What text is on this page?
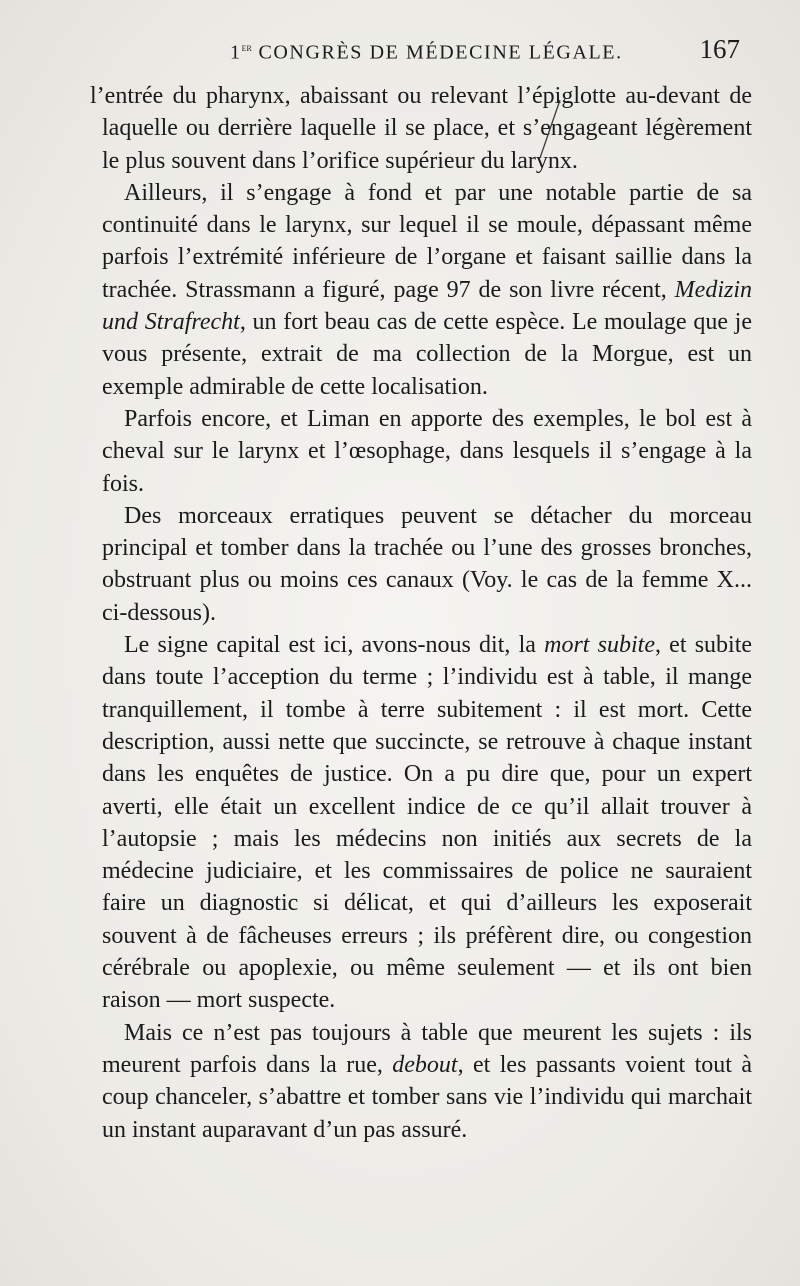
1er CONGRÈS DE MÉDECINE LÉGALE.	167

l’entrée du pharynx, abaissant ou relevant l’épiglotte au-devant de laquelle ou derrière laquelle il se place, et s’engageant légèrement le plus souvent dans l’orifice supérieur du larynx.

Ailleurs, il s’engage à fond et par une notable partie de sa continuité dans le larynx, sur lequel il se moule, dépassant même parfois l’extrémité inférieure de l’organe et faisant saillie dans la trachée. Strassmann a figuré, page 97 de son livre récent, Medizin und Strafrecht, un fort beau cas de cette espèce. Le moulage que je vous présente, extrait de ma collection de la Morgue, est un exemple admirable de cette localisation.

Parfois encore, et Liman en apporte des exemples, le bol est à cheval sur le larynx et l’œsophage, dans lesquels il s’engage à la fois.

Des morceaux erratiques peuvent se détacher du morceau principal et tomber dans la trachée ou l’une des grosses bronches, obstruant plus ou moins ces canaux (Voy. le cas de la femme X... ci-dessous).

Le signe capital est ici, avons-nous dit, la mort subite, et subite dans toute l’acception du terme ; l’individu est à table, il mange tranquillement, il tombe à terre subitement : il est mort. Cette description, aussi nette que succincte, se retrouve à chaque instant dans les enquêtes de justice. On a pu dire que, pour un expert averti, elle était un excellent indice de ce qu’il allait trouver à l’autopsie ; mais les médecins non initiés aux secrets de la médecine judiciaire, et les commissaires de police ne sauraient faire un diagnostic si délicat, et qui d’ailleurs les exposerait souvent à de fâcheuses erreurs ; ils préfèrent dire, ou congestion cérébrale ou apoplexie, ou même seulement — et ils ont bien raison — mort suspecte.

Mais ce n’est pas toujours à table que meurent les sujets : ils meurent parfois dans la rue, debout, et les passants voient tout à coup chanceler, s’abattre et tomber sans vie l’individu qui marchait un instant auparavant d’un pas assuré.
